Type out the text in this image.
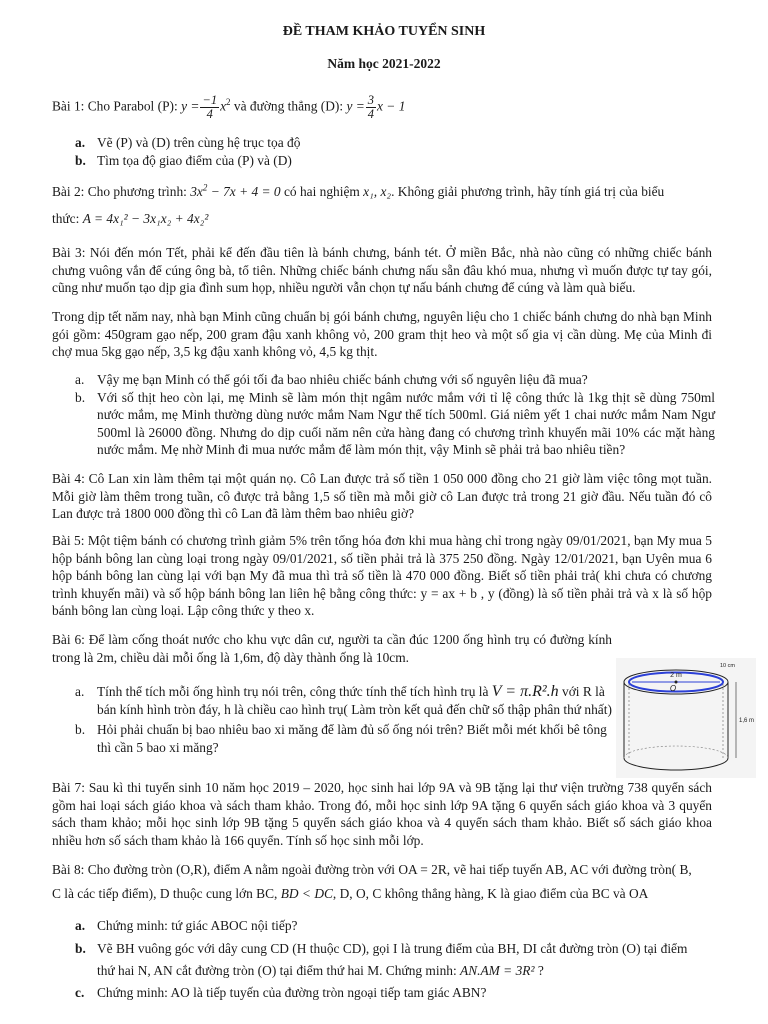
ĐỀ THAM KHẢO TUYỂN SINH
Năm học 2021-2022
Bài 1: Cho Parabol (P): $y = \frac{-1}{4} x^2$ và đường thẳng (D): $y = \frac{3}{4}$ x − 1

a. Vẽ (P) và (D) trên cùng hệ trục tọa độ

b. Tìm tọa độ giao điểm của (P) và (D)

Bài 2: Cho phương trình: $3x^2 - 7x + 4 = 0$ có hai nghiệm x₁, x₂. Không giải phương trình, hãy tính giá trị của biểu
thức: A = 4x₁² − 3x₁x₂ + 4x₂²
Bài 3: Nói đến món Tết, phải kể đến đầu tiên là bánh chưng, bánh tét. Ở miền Bắc, nhà nào cũng có những chiếc bánh chưng vuông vắn để cúng ông bà, tổ tiên. Những chiếc bánh chưng nấu sẵn đâu khó mua, nhưng vì muốn được tự tay gói, cũng như muốn tạo dịp gia đình sum họp, nhiều người vẫn chọn tự nấu bánh chưng để cúng và làm quà biếu.
Trong dịp tết năm nay, nhà bạn Minh cũng chuẩn bị gói bánh chưng, nguyên liệu cho 1 chiếc bánh chưng do nhà bạn Minh gói gồm: 450gram gạo nếp, 200 gram đậu xanh không vỏ, 200 gram thịt heo và một số gia vị cần dùng. Mẹ của Minh đi chợ mua 5kg gạo nếp, 3,5 kg đậu xanh không vỏ, 4,5 kg thịt.

a. Vậy mẹ bạn Minh có thể gói tối đa bao nhiêu chiếc bánh chưng với số nguyên liệu đã mua?

b. Với số thịt heo còn lại, mẹ Minh sẽ làm món thịt ngâm nước mắm với tỉ lệ công thức là 1kg thịt sẽ dùng 750ml nước mắm, mẹ Minh thường dùng nước mắm Nam Ngư thể tích 500ml. Giá niêm yết 1 chai nước mắm Nam Ngư 500ml là 26000 đồng. Nhưng do dịp cuối năm nên cửa hàng đang có chương trình khuyến mãi 10% các mặt hàng nước mắm. Mẹ nhờ Minh đi mua nước mắm để làm món thịt, vậy Minh sẽ phải trả bao nhiêu tiền?

Bài 4: Cô Lan xin làm thêm tại một quán nọ. Cô Lan được trả số tiền 1 050 000 đồng cho 21 giờ làm việc tông mọt tuần. Mỗi giờ làm thêm trong tuần, cô được trả bằng 1,5 số tiền mà mỗi giờ cô Lan được trả trong 21 giờ đầu. Nếu tuần đó cô Lan được trả 1800 000 đồng thì cô Lan đã làm thêm bao nhiêu giờ?
Bài 5: Một tiệm bánh có chương trình giảm 5% trên tổng hóa đơn khi mua hàng chỉ trong ngày 09/01/2021, bạn My mua 5 hộp bánh bông lan cùng loại trong ngày 09/01/2021, số tiền phải trả là 375 250 đồng. Ngày 12/01/2021, bạn Uyên mua 6 hộp bánh bông lan cùng lại với bạn My đã mua thì trả số tiền là 470 000 đồng. Biết số tiền phải trả( khi chưa có chương trình khuyến mãi) và số hộp bánh bông lan liên hệ bằng công thức: y = ax + b , y (đồng) là số tiền phải trả và x là số hộp bánh bông lan cùng loại. Lập công thức y theo x.
Bài 6: Để làm cống thoát nước cho khu vực dân cư, người ta cần đúc 1200 ống hình trụ có đường kính trong là 2m, chiều dài mỗi ống là 1,6m, độ dày thành ống là 10cm.

a. Tính thể tích mỗi ống hình trụ nói trên, công thức tính thể tích hình trụ là V = π.R².h với R là bán kính hình tròn đáy, h là chiều cao hình trụ( Làm tròn kết quả đến chữ số thập phân thứ nhất)

b. Hỏi phải chuẩn bị bao nhiêu bao xi măng để làm đủ số ống nói trên? Biết mỗi mét khối bê tông thì cần 5 bao xi măng?

2 m
O
10 cm
1,6 m
Bài 7: Sau kì thi tuyển sinh 10 năm học 2019 – 2020, học sinh hai lớp 9A và 9B tặng lại thư viện trường 738 quyển sách gồm hai loại sách giáo khoa và sách tham khảo. Trong đó, mỗi học sinh lớp 9A tặng 6 quyển sách giáo khoa và 3 quyển sách tham khảo; mỗi học sinh lớp 9B tặng 5 quyển sách giáo khoa và 4 quyển sách tham khảo. Biết số sách giáo khoa nhiều hơn số sách tham khảo là 166 quyển. Tính số học sinh mỗi lớp.
Bài 8: Cho đường tròn (O,R), điểm A nằm ngoài đường tròn với OA = 2R, vẽ hai tiếp tuyến AB, AC với đường tròn( B,
C là các tiếp điểm), D thuộc cung lớn BC, BD < DC, D, O, C không thẳng hàng, K là giao điểm của BC và OA

a. Chứng minh: tứ giác ABOC nội tiếp?

b. Vẽ BH vuông góc với dây cung CD (H thuộc CD), gọi I là trung điểm của BH, DI cắt đường tròn (O) tại điểm

thứ hai N, AN cắt đường tròn (O) tại điểm thứ hai M. Chứng minh: AN.AM = 3R² ?

c. Chứng minh: AO là tiếp tuyến của đường tròn ngoại tiếp tam giác ABN?
